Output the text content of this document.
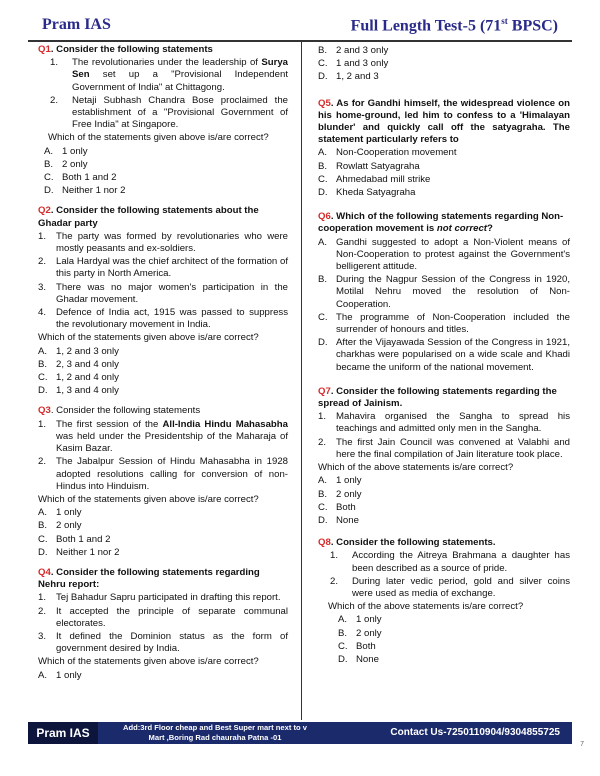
Pram IAS	Full Length Test-5 (71st BPSC)
Q1. Consider the following statements
1.	The revolutionaries under the leadership of Surya Sen set up a "Provisional Independent Government of India" at Chittagong.
2.	Netaji Subhash Chandra Bose proclaimed the establishment of a "Provisional Government of Free India" at Singapore.
Which of the statements given above is/are correct?
A. 1 only
B. 2 only
C. Both 1 and 2
D. Neither 1 nor 2
Q2. Consider the following statements about the Ghadar party
1.	The party was formed by revolutionaries who were mostly peasants and ex-soldiers.
2.	Lala Hardyal was the chief architect of the formation of this party in North America.
3.	There was no major women's participation in the Ghadar movement.
4.	Defence of India act, 1915 was passed to suppress the revolutionary movement in India.
Which of the statements given above is/are correct?
A. 1, 2 and 3 only
B. 2, 3 and 4 only
C. 1, 2 and 4 only
D. 1, 3 and 4 only
Q3. Consider the following statements
1.	The first session of the All-India Hindu Mahasabha was held under the Presidentship of the Maharaja of Kasim Bazar.
2.	The Jabalpur Session of Hindu Mahasabha in 1928 adopted resolutions calling for conversion of non-Hindus into Hinduism.
Which of the statements given above is/are correct?
A. 1 only
B. 2 only
C. Both 1 and 2
D. Neither 1 nor 2
Q4. Consider the following statements regarding Nehru report:
1.	Tej Bahadur Sapru participated in drafting this report.
2.	It accepted the principle of separate communal electorates.
3.	It defined the Dominion status as the form of government desired by India.
Which of the statements given above is/are correct?
A. 1 only
B. 2 and 3 only
C. 1 and 3 only
D. 1, 2 and 3
Q5. As for Gandhi himself, the widespread violence on his home-ground, led him to confess to a 'Himalayan blunder' and quickly call off the satyagraha. The statement particularly refers to
A. Non-Cooperation movement
B. Rowlatt Satyagraha
C. Ahmedabad mill strike
D. Kheda Satyagraha
Q6. Which of the following statements regarding Non-cooperation movement is not correct?
A. Gandhi suggested to adopt a Non-Violent means of Non-Cooperation to protest against the Government's belligerent attitude.
B. During the Nagpur Session of the Congress in 1920, Motilal Nehru moved the resolution of Non-Cooperation.
C. The programme of Non-Cooperation included the surrender of honours and titles.
D. After the Vijayawada Session of the Congress in 1921, charkhas were popularised on a wide scale and Khadi became the uniform of the national movement.
Q7. Consider the following statements regarding the spread of Jainism.
1.	Mahavira organised the Sangha to spread his teachings and admitted only men in the Sangha.
2.	The first Jain Council was convened at Valabhi and here the final compilation of Jain literature took place.
Which of the above statements is/are correct?
A. 1 only
B. 2 only
C. Both
D. None
Q8. Consider the following statements.
1.	According the Aitreya Brahmana a daughter has been described as a source of pride.
2.	During later vedic period, gold and silver coins were used as media of exchange.
Which of the above statements is/are correct?
A. 1 only
B. 2 only
C. Both
D. None
Pram IAS	Add:3rd Floor cheap and Best Super mart next to v
Mart ,Boring Rad chauraha Patna -01	Contact Us-7250110904/9304855725
7
